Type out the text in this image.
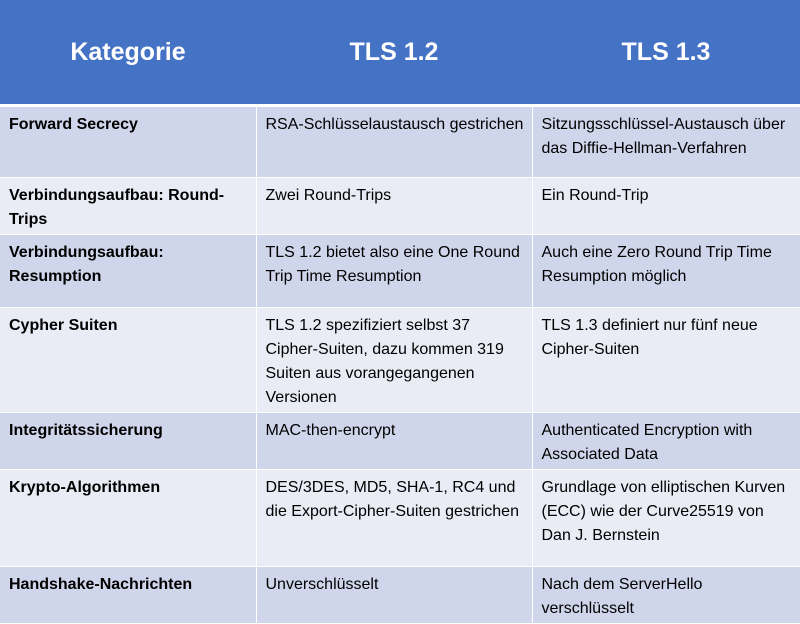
Kategorie	TLS 1.2	TLS 1.3
Forward Secrecy	RSA-Schlüsselaustausch gestrichen	Sitzungsschlüssel-Austausch über das Diffie-Hellman-Verfahren
Verbindungsaufbau: Round-Trips	Zwei Round-Trips	Ein Round-Trip
Verbindungsaufbau: Resumption	TLS 1.2 bietet also eine One Round Trip Time Resumption	Auch eine Zero Round Trip Time Resumption möglich
Cypher Suiten	TLS 1.2 spezifiziert selbst 37 Cipher-Suiten, dazu kommen 319 Suiten aus vorangegangenen Versionen	TLS 1.3 definiert nur fünf neue Cipher-Suiten
Integritätssicherung	MAC-then-encrypt	Authenticated Encryption with Associated Data
Krypto-Algorithmen	DES/3DES, MD5, SHA-1, RC4 und die Export-Cipher-Suiten gestrichen	Grundlage von elliptischen Kurven (ECC) wie der Curve25519 von Dan J. Bernstein
Handshake-Nachrichten	Unverschlüsselt	Nach dem ServerHello verschlüsselt
